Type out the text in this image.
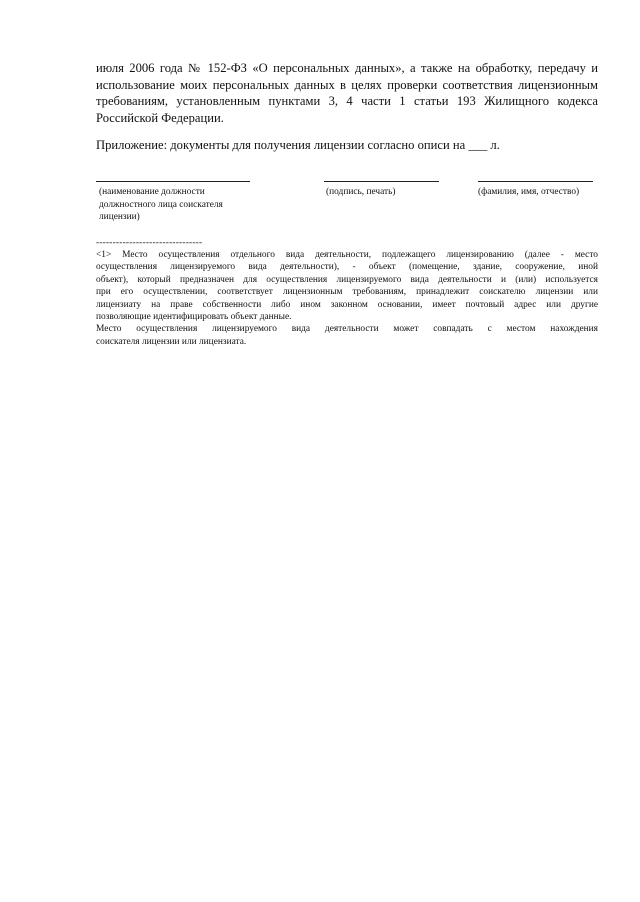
июля 2006 года № 152-ФЗ «О персональных данных», а также на обработку, передачу и
использование моих персональных данных в целях проверки соответствия лицензионным
требованиям, установленным пунктами 3, 4 части 1 статьи 193 Жилищного кодекса
Российской Федерации.
Приложение: документы для получения лицензии согласно описи на ___ л.
(наименование должности
должностного лица соискателя
лицензии)
(подпись, печать)	(фамилия, имя, отчество)
--------------------------------
<1> Место осуществления отдельного вида деятельности, подлежащего лицензированию (далее - место
осуществления лицензируемого вида деятельности), - объект (помещение, здание, сооружение, иной
объект), который предназначен для осуществления лицензируемого вида деятельности и (или) используется
при его осуществлении, соответствует лицензионным требованиям, принадлежит соискателю лицензии или
лицензиату на праве собственности либо ином законном основании, имеет почтовый адрес или другие
позволяющие идентифицировать объект данные.
Место осуществления лицензируемого вида деятельности может совпадать с местом нахождения
соискателя лицензии или лицензиата.
